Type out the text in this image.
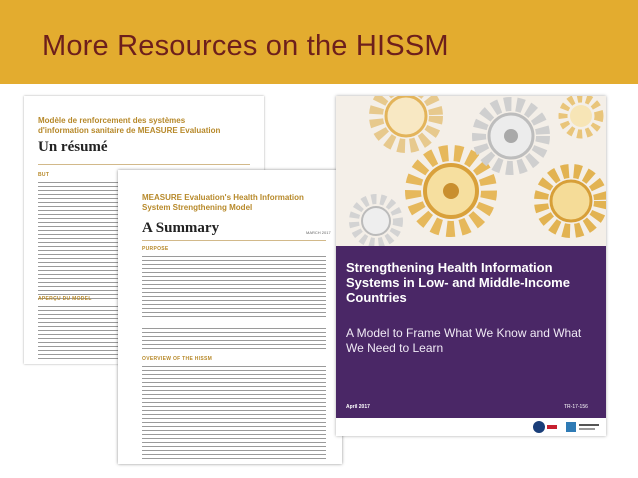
More Resources on the HISSM
Modèle de renforcement des systèmes d'information sanitaire de MEASURE Evaluation
Un résumé
BUT
APERÇU DU MODEL
MEASURE Evaluation's Health Information System Strengthening Model
A Summary	MARCH 2017
PURPOSE
OVERVIEW OF THE HISSM
Strengthening Health Information Systems in Low- and Middle-Income Countries
A Model to Frame What We Know and What We Need to Learn
April 2017	TR-17-156
